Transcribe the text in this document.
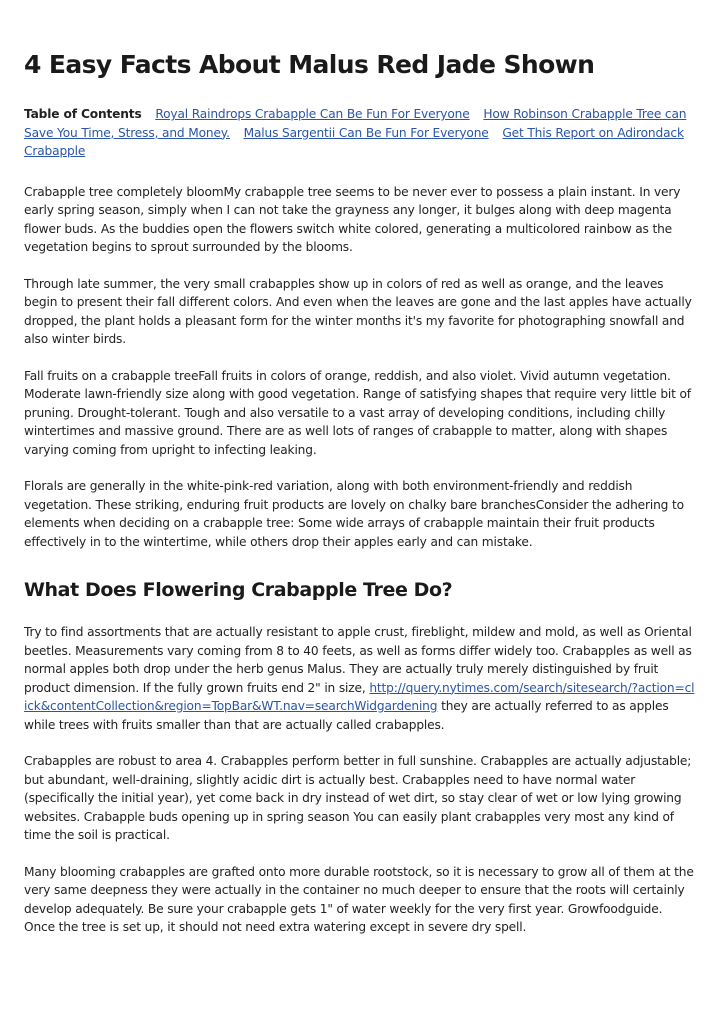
4 Easy Facts About Malus Red Jade Shown
Table of Contents Royal Raindrops Crabapple Can Be Fun For Everyone How Robinson Crabapple Tree can Save You Time, Stress, and Money. Malus Sargentii Can Be Fun For Everyone Get This Report on Adirondack Crabapple

Crabapple tree completely bloomMy crabapple tree seems to be never ever to possess a plain instant. In very early spring season, simply when I can not take the grayness any longer, it bulges along with deep magenta flower buds. As the buddies open the flowers switch white colored, generating a multicolored rainbow as the vegetation begins to sprout surrounded by the blooms.

Through late summer, the very small crabapples show up in colors of red as well as orange, and the leaves begin to present their fall different colors. And even when the leaves are gone and the last apples have actually dropped, the plant holds a pleasant form for the winter months it's my favorite for photographing snowfall and also winter birds.

Fall fruits on a crabapple treeFall fruits in colors of orange, reddish, and also violet. Vivid autumn vegetation. Moderate lawn-friendly size along with good vegetation. Range of satisfying shapes that require very little bit of pruning. Drought-tolerant. Tough and also versatile to a vast array of developing conditions, including chilly wintertimes and massive ground. There are as well lots of ranges of crabapple to matter, along with shapes varying coming from upright to infecting leaking.

Florals are generally in the white-pink-red variation, along with both environment-friendly and reddish vegetation. These striking, enduring fruit products are lovely on chalky bare branchesConsider the adhering to elements when deciding on a crabapple tree: Some wide arrays of crabapple maintain their fruit products effectively in to the wintertime, while others drop their apples early and can mistake.

What Does Flowering Crabapple Tree Do?

Try to find assortments that are actually resistant to apple crust, fireblight, mildew and mold, as well as Oriental beetles. Measurements vary coming from 8 to 40 feets, as well as forms differ widely too. Crabapples as well as normal apples both drop under the herb genus Malus. They are actually truly merely distinguished by fruit product dimension. If the fully grown fruits end 2" in size, http://query.nytimes.com/search/sitesearch/?action=click&contentCollection&region=TopBar&WT.nav=searchWidgardening they are actually referred to as apples while trees with fruits smaller than that are actually called crabapples.

Crabapples are robust to area 4. Crabapples perform better in full sunshine. Crabapples are actually adjustable; but abundant, well-draining, slightly acidic dirt is actually best. Crabapples need to have normal water (specifically the initial year), yet come back in dry instead of wet dirt, so stay clear of wet or low lying growing websites. Crabapple buds opening up in spring season You can easily plant crabapples very most any kind of time the soil is practical.

Many blooming crabapples are grafted onto more durable rootstock, so it is necessary to grow all of them at the very same deepness they were actually in the container no much deeper to ensure that the roots will certainly develop adequately. Be sure your crabapple gets 1" of water weekly for the very first year. Growfoodguide. Once the tree is set up, it should not need extra watering except in severe dry spell.
